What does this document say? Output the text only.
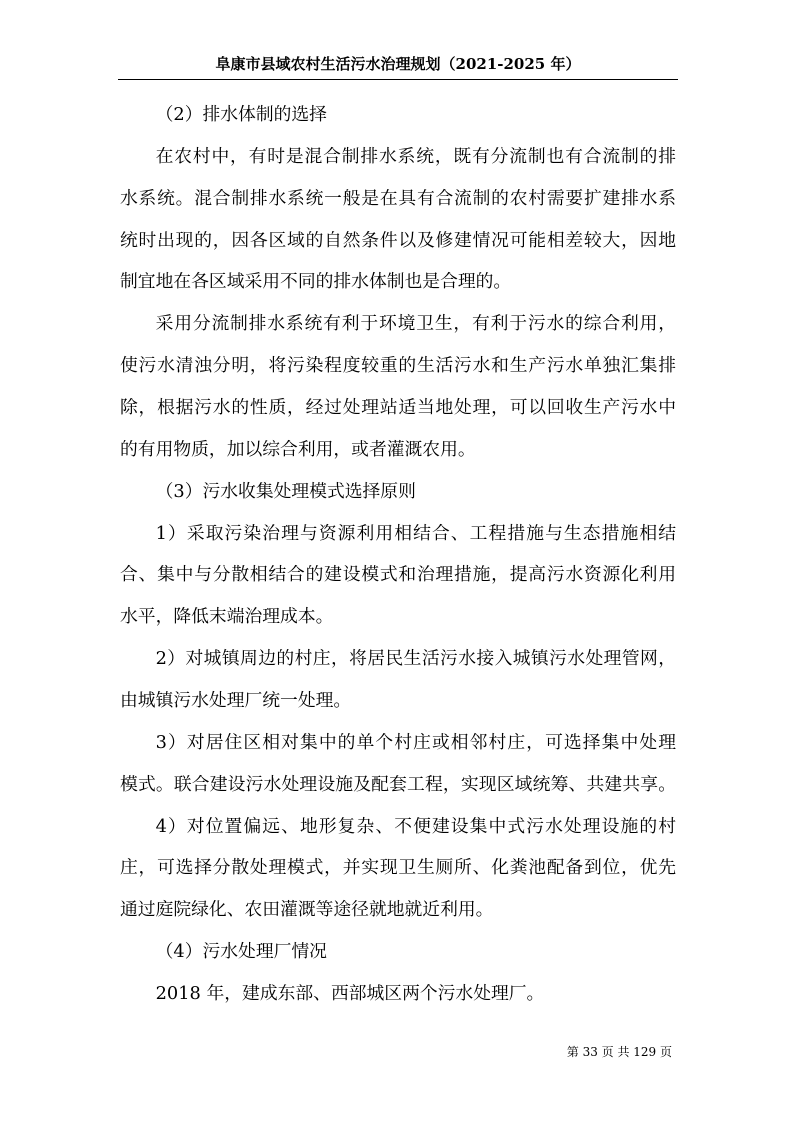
阜康市县域农村生活污水治理规划（2021-2025 年）
（2）排水体制的选择
在农村中，有时是混合制排水系统，既有分流制也有合流制的排
水系统。混合制排水系统一般是在具有合流制的农村需要扩建排水系
统时出现的，因各区域的自然条件以及修建情况可能相差较大，因地
制宜地在各区域采用不同的排水体制也是合理的。
采用分流制排水系统有利于环境卫生，有利于污水的综合利用，
使污水清浊分明，将污染程度较重的生活污水和生产污水单独汇集排
除，根据污水的性质，经过处理站适当地处理，可以回收生产污水中
的有用物质，加以综合利用，或者灌溉农用。
（3）污水收集处理模式选择原则
1）采取污染治理与资源利用相结合、工程措施与生态措施相结
合、集中与分散相结合的建设模式和治理措施，提高污水资源化利用
水平，降低末端治理成本。
2）对城镇周边的村庄，将居民生活污水接入城镇污水处理管网，
由城镇污水处理厂统一处理。
3）对居住区相对集中的单个村庄或相邻村庄，可选择集中处理
模式。联合建设污水处理设施及配套工程，实现区域统筹、共建共享。
4）对位置偏远、地形复杂、不便建设集中式污水处理设施的村
庄，可选择分散处理模式，并实现卫生厕所、化粪池配备到位，优先
通过庭院绿化、农田灌溉等途径就地就近利用。
（4）污水处理厂情况
2018 年，建成东部、西部城区两个污水处理厂。
第 33 页 共 129 页
